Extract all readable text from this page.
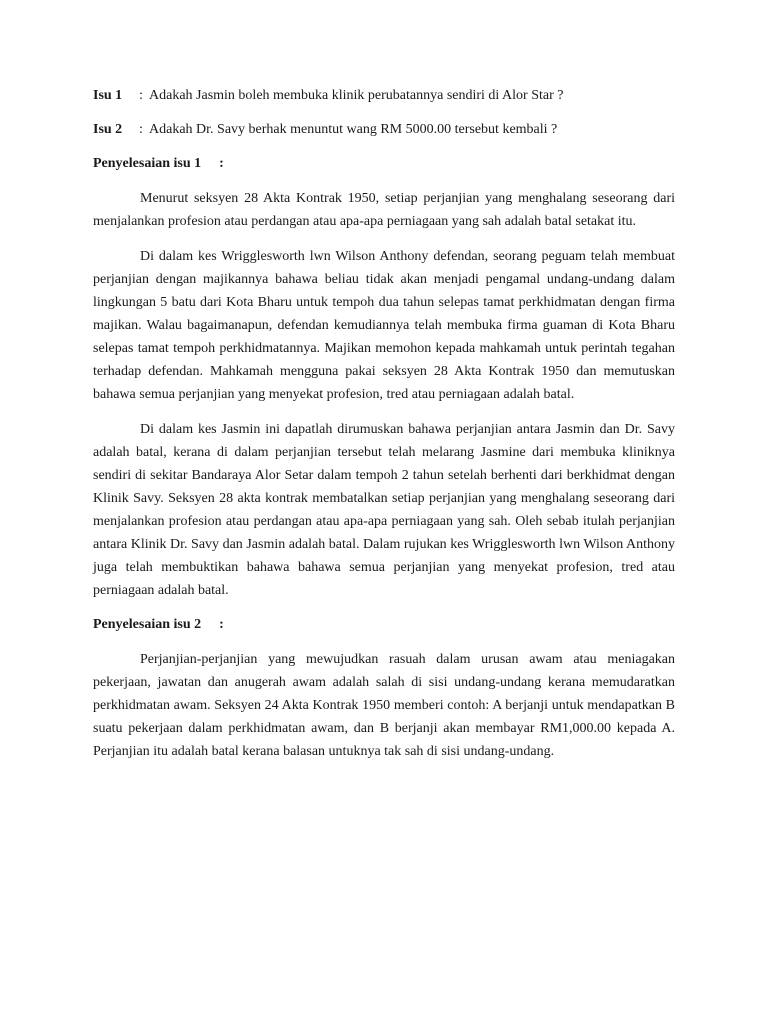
Isu 1 : Adakah Jasmin boleh membuka klinik perubatannya sendiri di Alor Star ?
Isu 2 : Adakah Dr. Savy berhak menuntut wang RM 5000.00 tersebut kembali ?
Penyelesaian isu 1 :

Menurut seksyen 28 Akta Kontrak 1950, setiap perjanjian yang menghalang seseorang dari menjalankan profesion atau perdangan atau apa-apa perniagaan yang sah adalah batal setakat itu.

Di dalam kes Wrigglesworth lwn Wilson Anthony defendan, seorang peguam telah membuat perjanjian dengan majikannya bahawa beliau tidak akan menjadi pengamal undang-undang dalam lingkungan 5 batu dari Kota Bharu untuk tempoh dua tahun selepas tamat perkhidmatan dengan firma majikan. Walau bagaimanapun, defendan kemudiannya telah membuka firma guaman di Kota Bharu selepas tamat tempoh perkhidmatannya. Majikan memohon kepada mahkamah untuk perintah tegahan terhadap defendan. Mahkamah mengguna pakai seksyen 28 Akta Kontrak 1950 dan memutuskan bahawa semua perjanjian yang menyekat profesion, tred atau perniagaan adalah batal.

Di dalam kes Jasmin ini dapatlah dirumuskan bahawa perjanjian antara Jasmin dan Dr. Savy adalah batal, kerana di dalam perjanjian tersebut telah melarang Jasmine dari membuka kliniknya sendiri di sekitar Bandaraya Alor Setar dalam tempoh 2 tahun setelah berhenti dari berkhidmat dengan Klinik Savy. Seksyen 28 akta kontrak membatalkan setiap perjanjian yang menghalang seseorang dari menjalankan profesion atau perdangan atau apa-apa perniagaan yang sah. Oleh sebab itulah perjanjian antara Klinik Dr. Savy dan Jasmin adalah batal. Dalam rujukan kes Wrigglesworth lwn Wilson Anthony juga telah membuktikan bahawa bahawa semua perjanjian yang menyekat profesion, tred atau perniagaan adalah batal.

Penyelesaian isu 2 :

Perjanjian-perjanjian yang mewujudkan rasuah dalam urusan awam atau meniagakan pekerjaan, jawatan dan anugerah awam adalah salah di sisi undang-undang kerana memudaratkan perkhidmatan awam. Seksyen 24 Akta Kontrak 1950 memberi contoh: A berjanji untuk mendapatkan B suatu pekerjaan dalam perkhidmatan awam, dan B berjanji akan membayar RM1,000.00 kepada A. Perjanjian itu adalah batal kerana balasan untuknya tak sah di sisi undang-undang.
